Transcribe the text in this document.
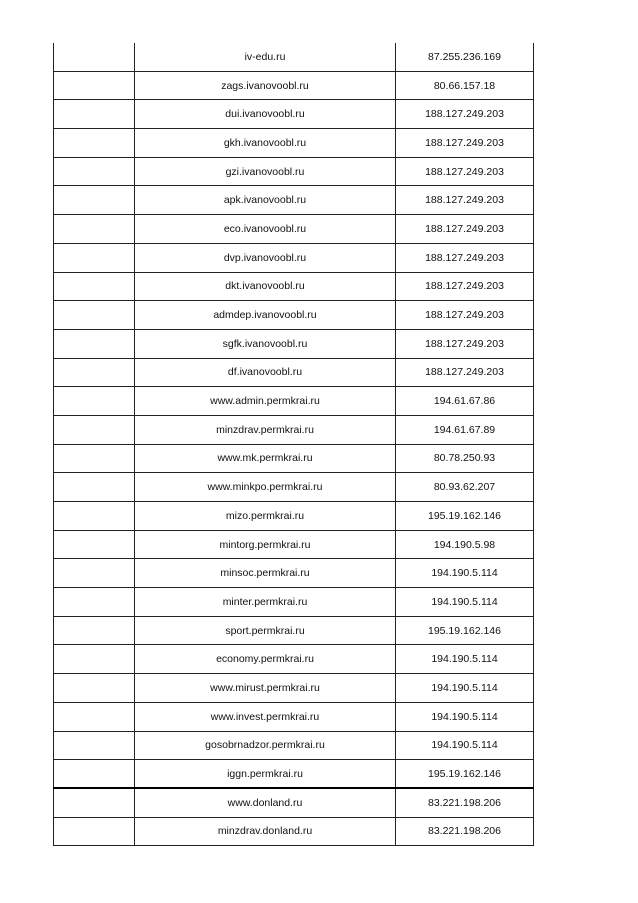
iv-edu.ru	87.255.236.169
zags.ivanovoobl.ru	80.66.157.18
dui.ivanovoobl.ru	188.127.249.203
gkh.ivanovoobl.ru	188.127.249.203
gzi.ivanovoobl.ru	188.127.249.203
apk.ivanovoobl.ru	188.127.249.203
eco.ivanovoobl.ru	188.127.249.203
dvp.ivanovoobl.ru	188.127.249.203
dkt.ivanovoobl.ru	188.127.249.203
admdep.ivanovoobl.ru	188.127.249.203
sgfk.ivanovoobl.ru	188.127.249.203
df.ivanovoobl.ru	188.127.249.203
www.admin.permkrai.ru	194.61.67.86
minzdrav.permkrai.ru	194.61.67.89
www.mk.permkrai.ru	80.78.250.93
www.minkpo.permkrai.ru	80.93.62.207
mizo.permkrai.ru	195.19.162.146
mintorg.permkrai.ru	194.190.5.98
minsoc.permkrai.ru	194.190.5.114
minter.permkrai.ru	194.190.5.114
sport.permkrai.ru	195.19.162.146
economy.permkrai.ru	194.190.5.114
www.mirust.permkrai.ru	194.190.5.114
www.invest.permkrai.ru	194.190.5.114
gosobrnadzor.permkrai.ru	194.190.5.114
iggn.permkrai.ru	195.19.162.146
www.donland.ru	83.221.198.206
minzdrav.donland.ru	83.221.198.206
